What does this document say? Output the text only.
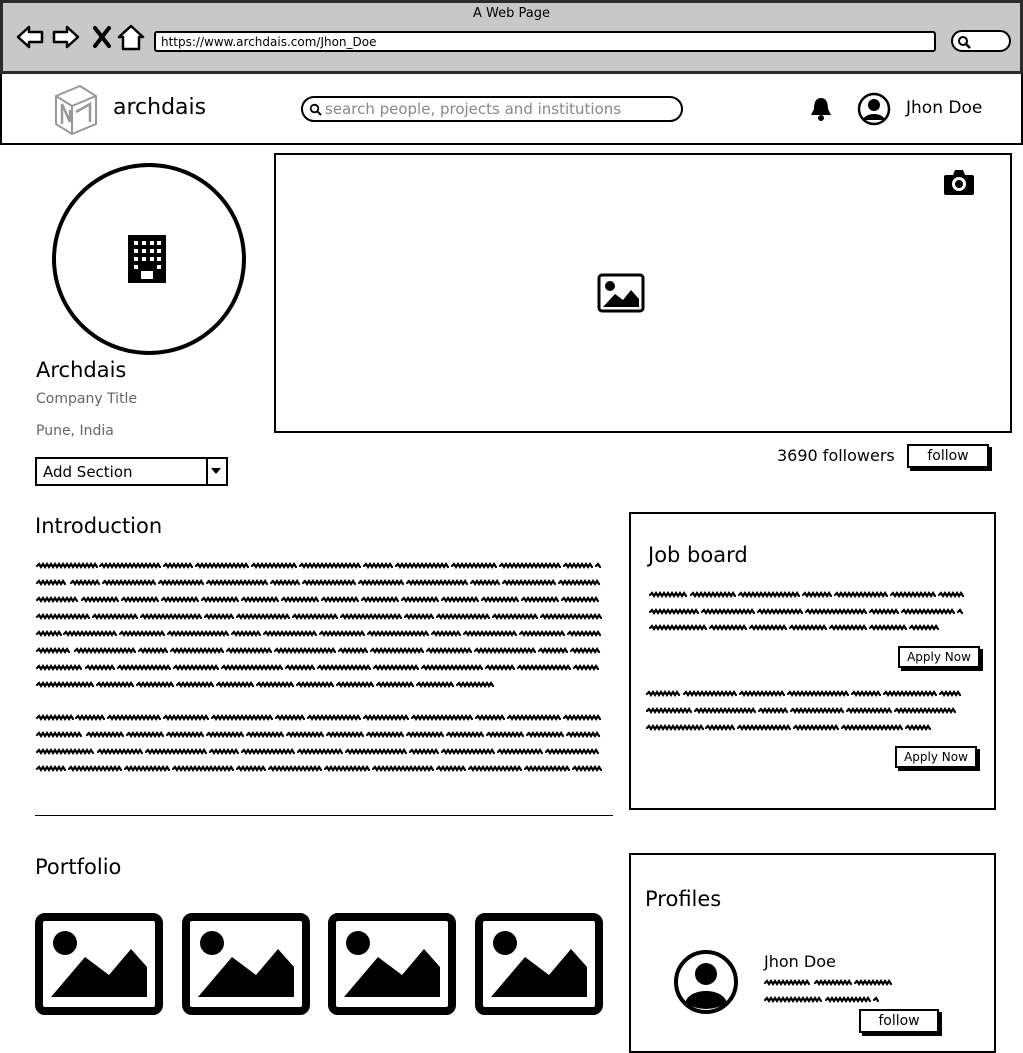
A Web Page
https://www.archdais.com/Jhon_Doe
archdais
search people, projects and institutions	Jhon Doe
Archdais
Company Title
Pune, India
Add Section
3690 followers	follow
Introduction
Job board
Apply Now
Apply Now
Portfolio
Profiles
Jhon Doe
follow
